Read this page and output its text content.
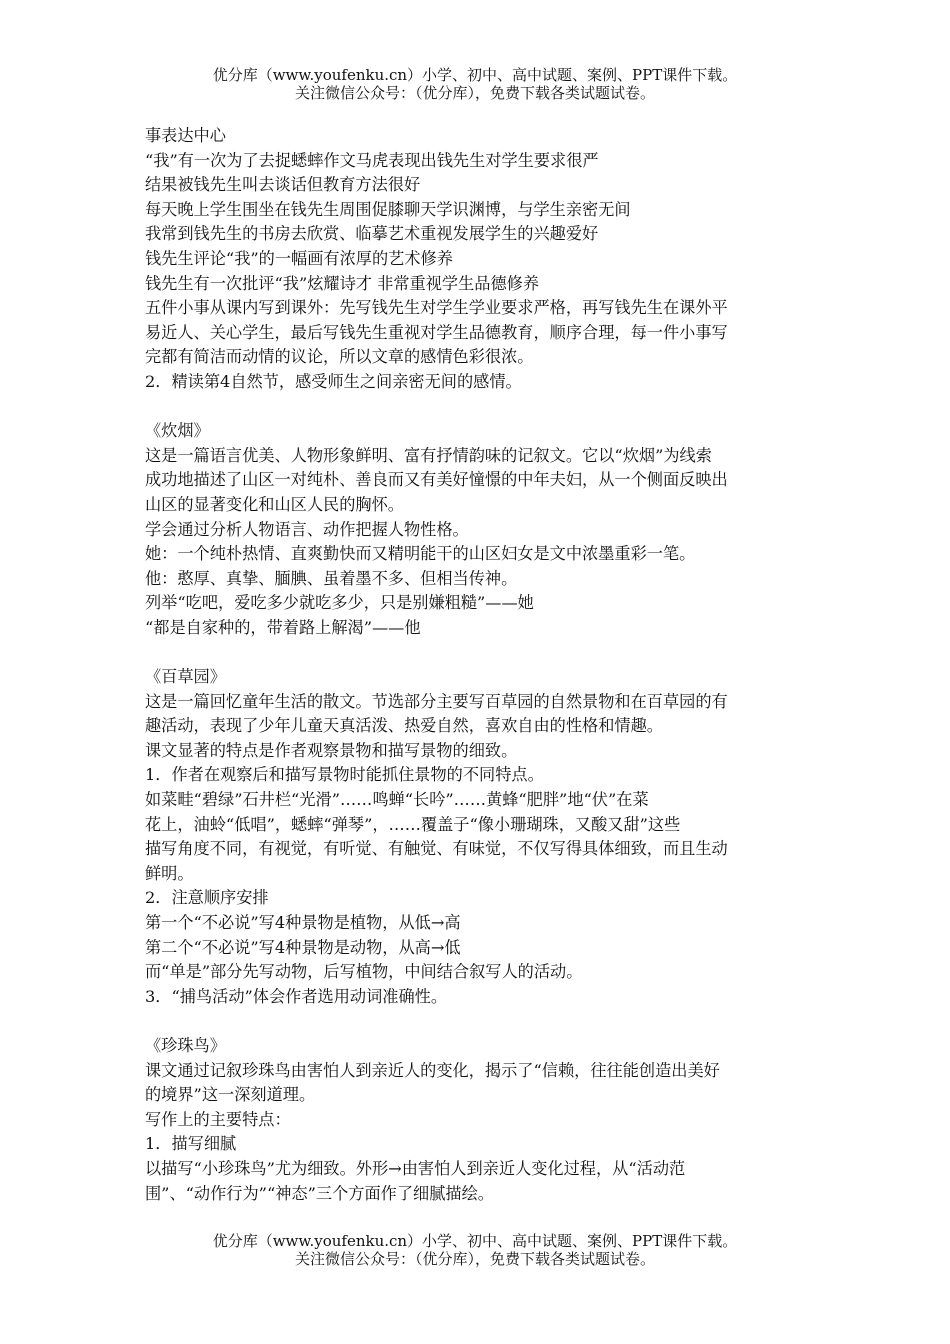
优分库（www.youfenku.cn）小学、初中、高中试题、案例、PPT课件下载。
关注微信公众号：（优分库），免费下载各类试题试卷。

事表达中心

“我”有一次为了去捉蟋蟀作文马虎表现出钱先生对学生要求很严

结果被钱先生叫去谈话但教育方法很好

每天晚上学生围坐在钱先生周围促膝聊天学识渊博，与学生亲密无间

我常到钱先生的书房去欣赏、临摹艺术重视发展学生的兴趣爱好

钱先生评论“我”的一幅画有浓厚的艺术修养

钱先生有一次批评“我”炫耀诗才 非常重视学生品德修养

五件小事从课内写到课外：先写钱先生对学生学业要求严格，再写钱先生在课外平

易近人、关心学生，最后写钱先生重视对学生品德教育，顺序合理，每一件小事写

完都有简洁而动情的议论，所以文章的感情色彩很浓。

2．精读第4自然节，感受师生之间亲密无间的感情。

《炊烟》

这是一篇语言优美、人物形象鲜明、富有抒情韵味的记叙文。它以“炊烟”为线索

成功地描述了山区一对纯朴、善良而又有美好憧憬的中年夫妇，从一个侧面反映出

山区的显著变化和山区人民的胸怀。

学会通过分析人物语言、动作把握人物性格。

她：一个纯朴热情、直爽勤快而又精明能干的山区妇女是文中浓墨重彩一笔。

他：憨厚、真挚、腼腆、虽着墨不多、但相当传神。

列举“吃吧，爱吃多少就吃多少，只是别嫌粗糙”——她

“都是自家种的，带着路上解渴”——他

《百草园》

这是一篇回忆童年生活的散文。节选部分主要写百草园的自然景物和在百草园的有

趣活动，表现了少年儿童天真活泼、热爱自然，喜欢自由的性格和情趣。

课文显著的特点是作者观察景物和描写景物的细致。

1．作者在观察后和描写景物时能抓住景物的不同特点。

如菜畦“碧绿”石井栏“光滑”……鸣蝉“长吟”……黄蜂“肥胖”地“伏”在菜

花上，油蛉“低唱”，蟋蟀“弹琴”，……覆盖子“像小珊瑚珠，又酸又甜”这些

描写角度不同，有视觉，有听觉、有触觉、有味觉，不仅写得具体细致，而且生动

鲜明。

2．注意顺序安排

第一个“不必说”写4种景物是植物，从低→高

第二个“不必说”写4种景物是动物，从高→低

而“单是”部分先写动物，后写植物，中间结合叙写人的活动。

3．“捕鸟活动”体会作者选用动词准确性。

《珍珠鸟》

课文通过记叙珍珠鸟由害怕人到亲近人的变化，揭示了“信赖，往往能创造出美好

的境界”这一深刻道理。

写作上的主要特点：

1．描写细腻

以描写“小珍珠鸟”尤为细致。外形→由害怕人到亲近人变化过程，从“活动范

围”、“动作行为”“神态”三个方面作了细腻描绘。

优分库（www.youfenku.cn）小学、初中、高中试题、案例、PPT课件下载。
关注微信公众号：（优分库），免费下载各类试题试卷。
